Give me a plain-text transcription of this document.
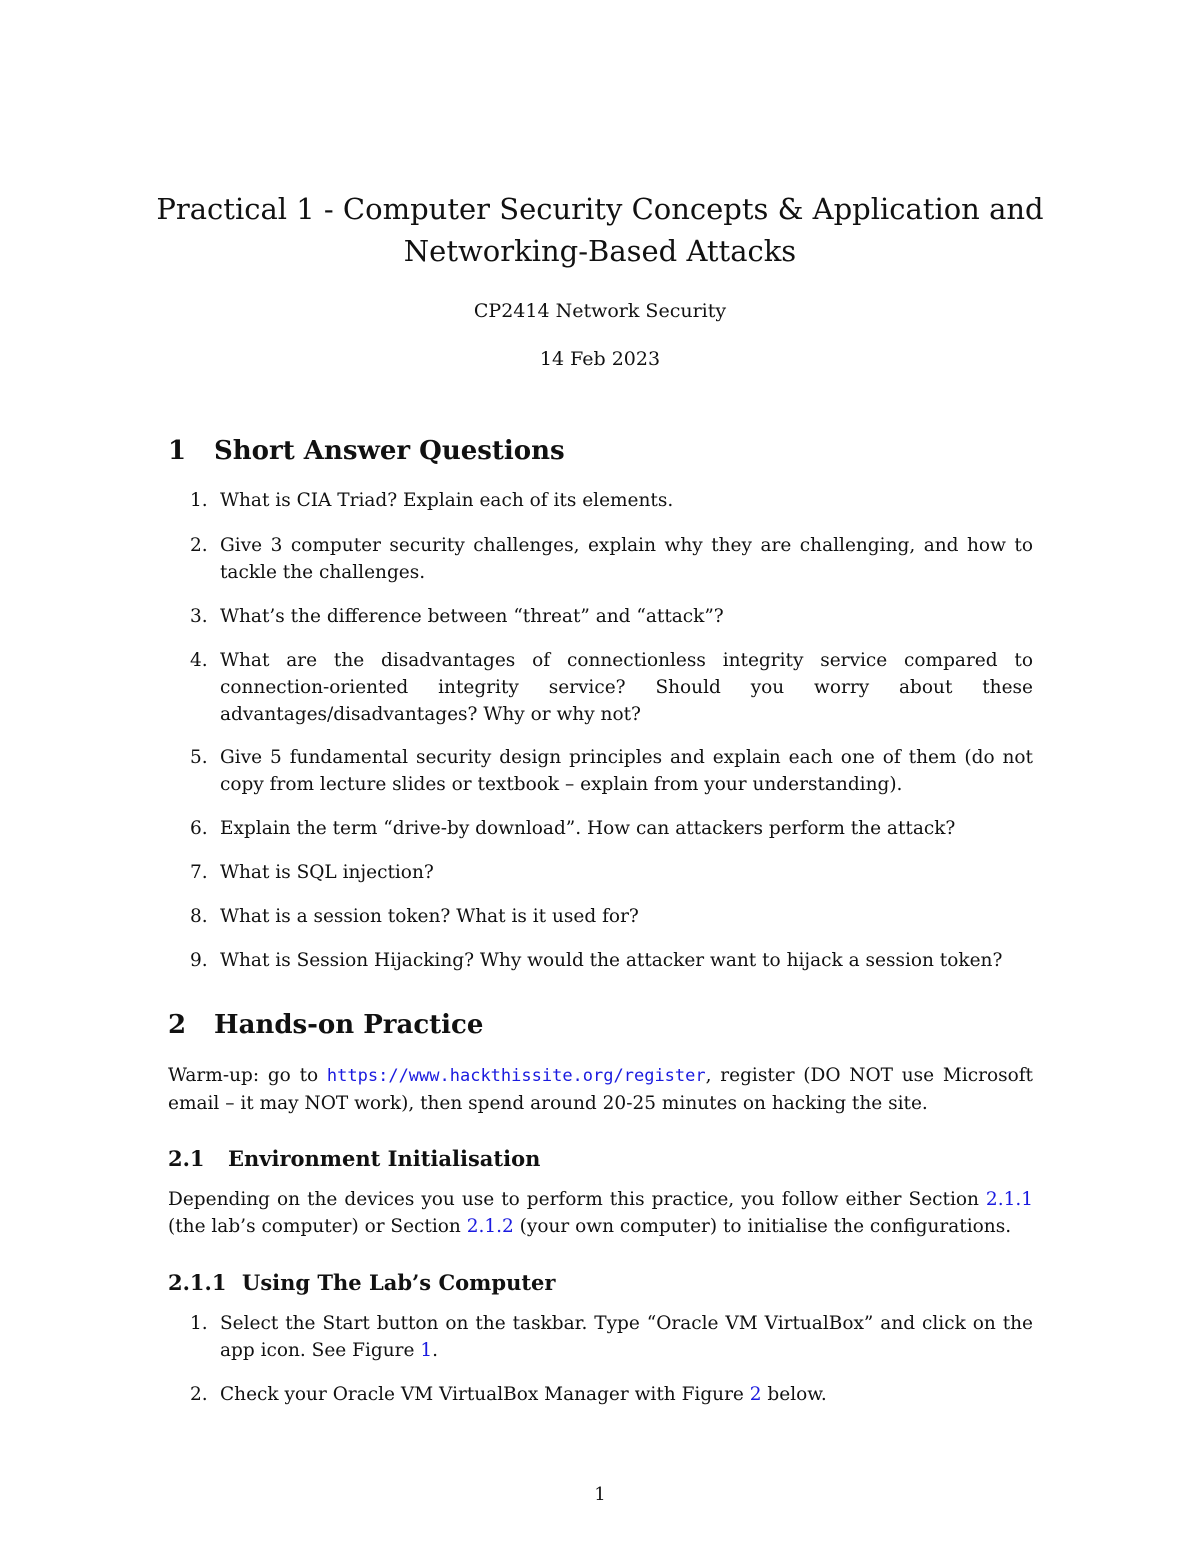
Practical 1 - Computer Security Concepts & Application and
Networking-Based Attacks

CP2414 Network Security

14 Feb 2023

1 Short Answer Questions
1. What is CIA Triad? Explain each of its elements.
2. Give 3 computer security challenges, explain why they are challenging, and how to tackle the challenges.
3. What’s the difference between “threat” and “attack”?
4. What are the disadvantages of connectionless integrity service compared to connection-oriented integrity service? Should you worry about these advantages/disadvantages? Why or why not?
5. Give 5 fundamental security design principles and explain each one of them (do not copy from lecture slides or textbook – explain from your understanding).
6. Explain the term “drive-by download”. How can attackers perform the attack?
7. What is SQL injection?
8. What is a session token? What is it used for?
9. What is Session Hijacking? Why would the attacker want to hijack a session token?
2 Hands-on Practice

Warm-up: go to https://www.hackthissite.org/register, register (DO NOT use Microsoft email – it may NOT work), then spend around 20-25 minutes on hacking the site.

2.1 Environment Initialisation

Depending on the devices you use to perform this practice, you follow either Section 2.1.1 (the lab’s computer) or Section 2.1.2 (your own computer) to initialise the configurations.

2.1.1 Using The Lab’s Computer
1. Select the Start button on the taskbar. Type “Oracle VM VirtualBox” and click on the app icon. See Figure 1.
2. Check your Oracle VM VirtualBox Manager with Figure 2 below.

1
